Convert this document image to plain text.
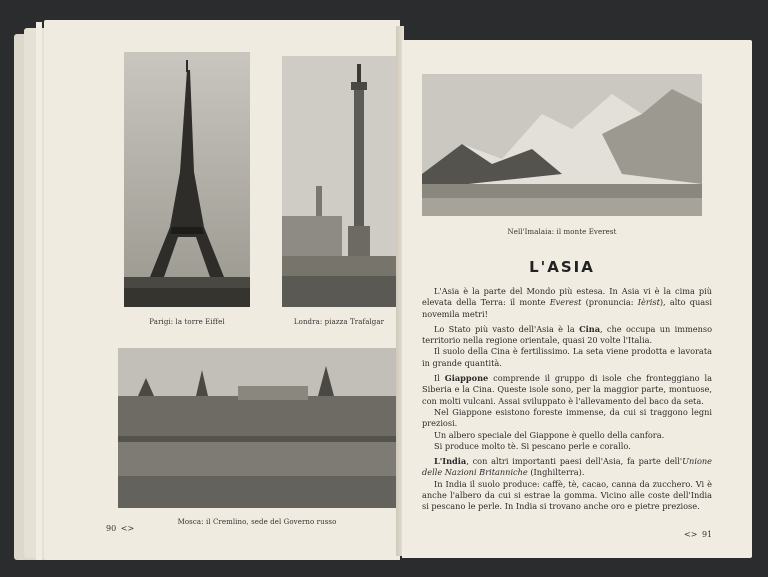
Parigi: la torre Eiffel	Londra: piazza Trafalgar
Mosca: il Cremlino, sede del Governo russo
90 <>
Nell'Imalaia: il monte Everest
L'ASIA

L'Asia è la parte del Mondo più estesa. In Asia vi è la cima più elevata della Terra: il monte Everest (pronuncia: Ièrist), alto quasi novemila metri!

Lo Stato più vasto dell'Asia è la Cina, che occupa un immenso territorio nella regione orientale, quasi 20 volte l'Italia.

Il suolo della Cina è fertilissimo. La seta viene prodotta e lavorata in grande quantità.

Il Giappone comprende il gruppo di isole che fronteggiano la Siberia e la Cina. Queste isole sono, per la maggior parte, montuose, con molti vulcani. Assai sviluppato è l'allevamento del baco da seta.

Nel Giappone esistono foreste immense, da cui si traggono legni preziosi.

Un albero speciale del Giappone è quello della canfora.

Si produce molto tè. Si pescano perle e corallo.

L'India, con altri importanti paesi dell'Asia, fa parte dell'Unione delle Nazioni Britanniche (Inghilterra).

In India il suolo produce: caffè, tè, cacao, canna da zucchero. Vi è anche l'albero da cui si estrae la gomma. Vicino alle coste dell'India si pescano le perle. In India si trovano anche oro e pietre preziose.

<> 91
